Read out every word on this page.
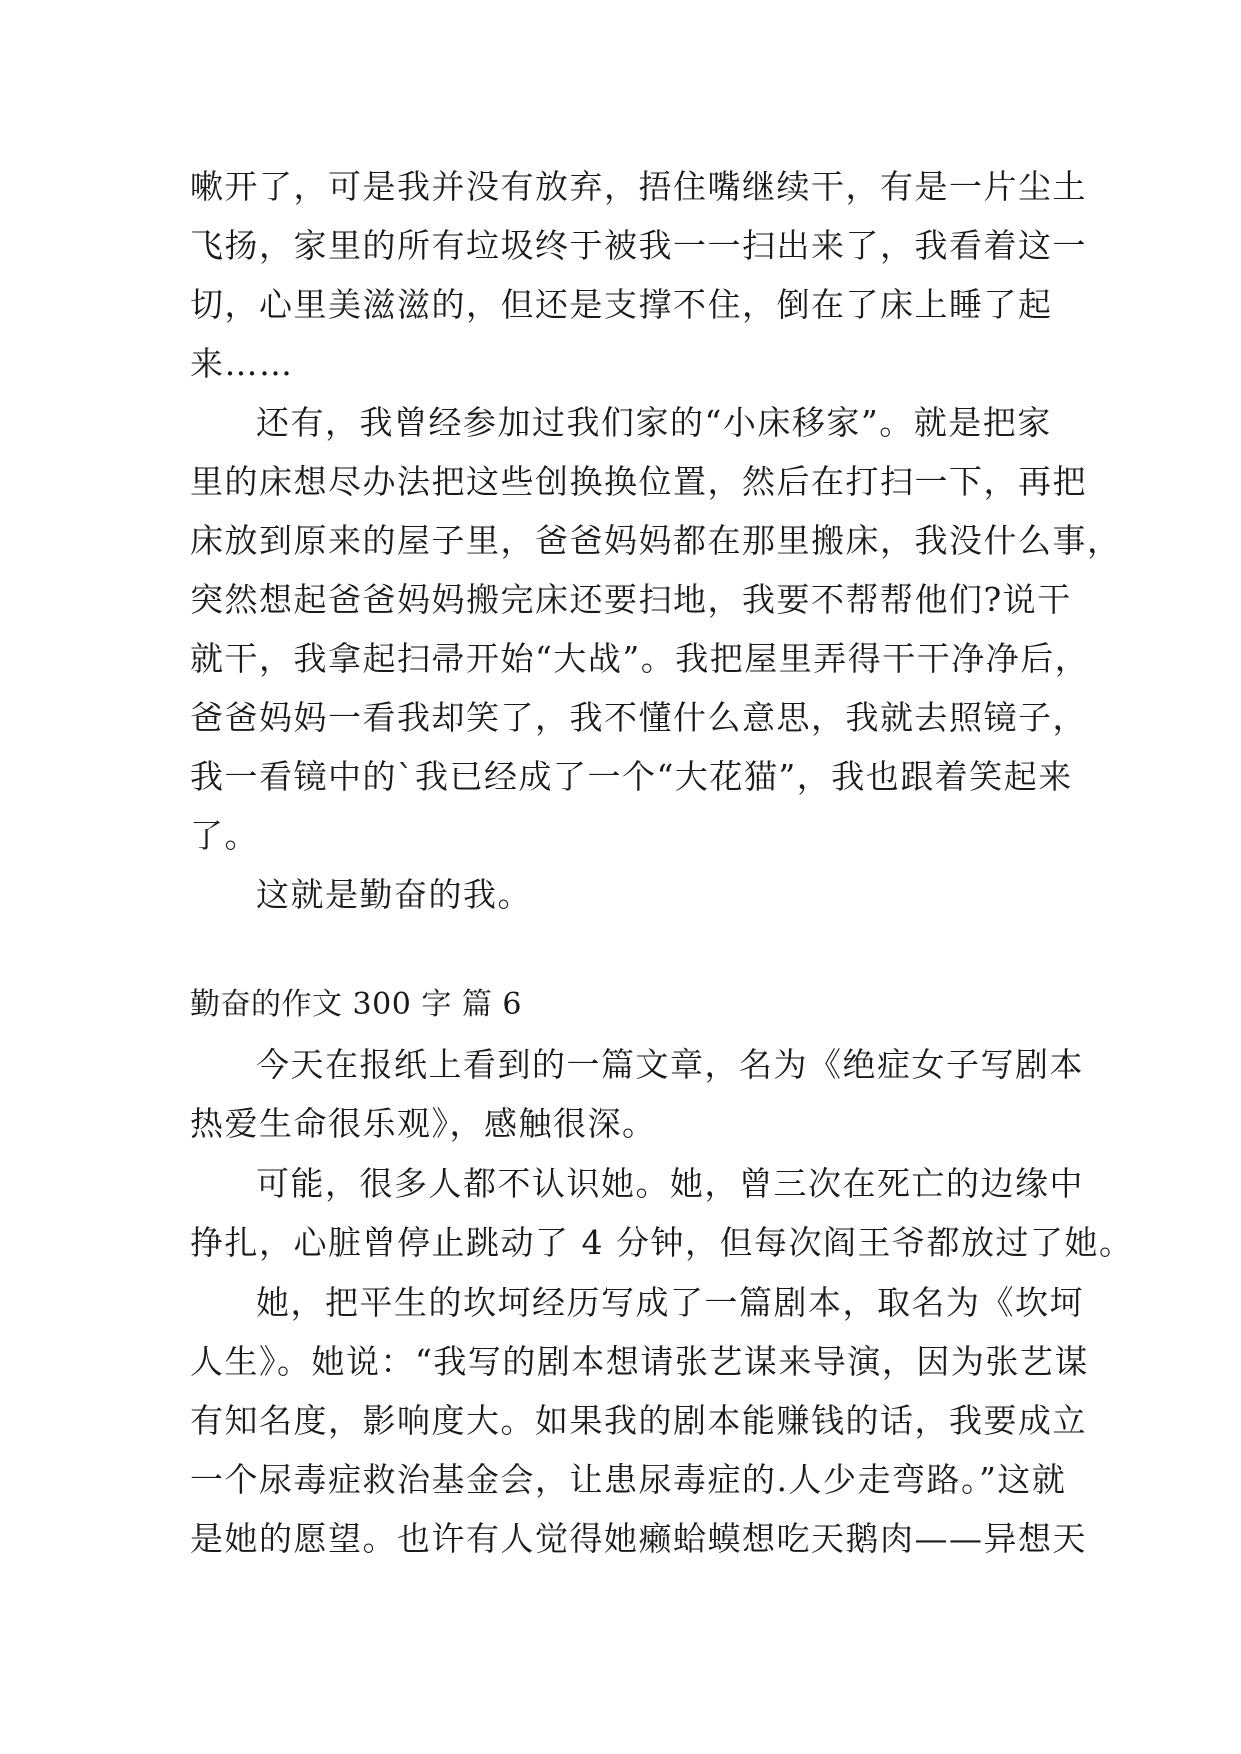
嗽开了，可是我并没有放弃，捂住嘴继续干，有是一片尘土
飞扬，家里的所有垃圾终于被我一一扫出来了，我看着这一
切，心里美滋滋的，但还是支撑不住，倒在了床上睡了起
来……
还有，我曾经参加过我们家的“小床移家”。就是把家
里的床想尽办法把这些创换换位置，然后在打扫一下，再把
床放到原来的屋子里，爸爸妈妈都在那里搬床，我没什么事，
突然想起爸爸妈妈搬完床还要扫地，我要不帮帮他们?说干
就干，我拿起扫帚开始“大战”。我把屋里弄得干干净净后，
爸爸妈妈一看我却笑了，我不懂什么意思，我就去照镜子，
我一看镜中的`我已经成了一个“大花猫”，我也跟着笑起来
了。
这就是勤奋的我。
勤奋的作文 300 字 篇 6
今天在报纸上看到的一篇文章，名为《绝症女子写剧本
热爱生命很乐观》，感触很深。
可能，很多人都不认识她。她，曾三次在死亡的边缘中
挣扎，心脏曾停止跳动了 4 分钟，但每次阎王爷都放过了她。
她，把平生的坎坷经历写成了一篇剧本，取名为《坎坷
人生》。她说：“我写的剧本想请张艺谋来导演，因为张艺谋
有知名度，影响度大。如果我的剧本能赚钱的话，我要成立
一个尿毒症救治基金会，让患尿毒症的.人少走弯路。”这就
是她的愿望。也许有人觉得她癞蛤蟆想吃天鹅肉——异想天
